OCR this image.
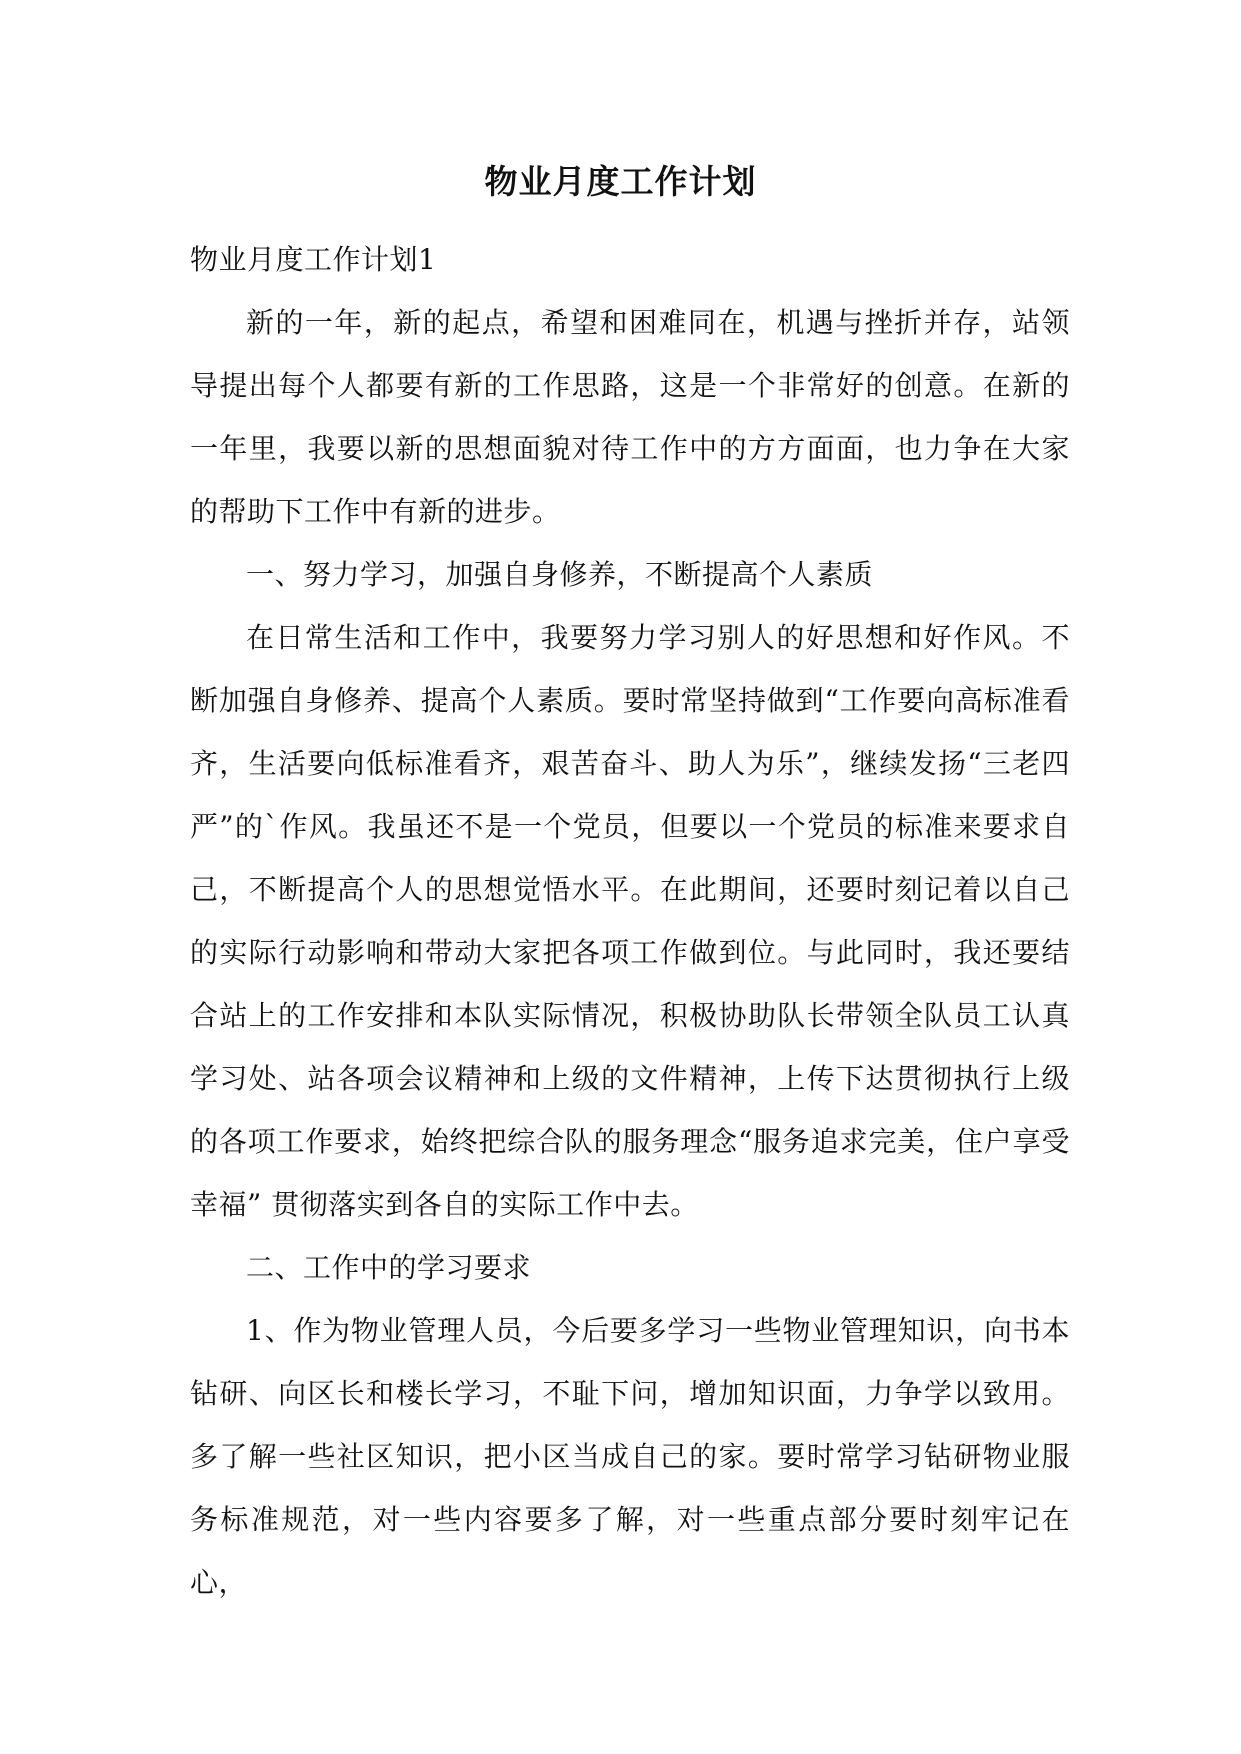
物业月度工作计划

物业月度工作计划1

新的一年，新的起点，希望和困难同在，机遇与挫折并存，站领导提出每个人都要有新的工作思路，这是一个非常好的创意。在新的一年里，我要以新的思想面貌对待工作中的方方面面，也力争在大家的帮助下工作中有新的进步。

一、努力学习，加强自身修养，不断提高个人素质

在日常生活和工作中，我要努力学习别人的好思想和好作风。不断加强自身修养、提高个人素质。要时常坚持做到“工作要向高标准看齐，生活要向低标准看齐，艰苦奋斗、助人为乐”，继续发扬“三老四严”的`作风。我虽还不是一个党员，但要以一个党员的标准来要求自己，不断提高个人的思想觉悟水平。在此期间，还要时刻记着以自己的实际行动影响和带动大家把各项工作做到位。与此同时，我还要结合站上的工作安排和本队实际情况，积极协助队长带领全队员工认真学习处、站各项会议精神和上级的文件精神，上传下达贯彻执行上级的各项工作要求，始终把综合队的服务理念“服务追求完美，住户享受幸福” 贯彻落实到各自的实际工作中去。

二、工作中的学习要求

1、作为物业管理人员，今后要多学习一些物业管理知识，向书本钻研、向区长和楼长学习，不耻下问，增加知识面，力争学以致用。多了解一些社区知识，把小区当成自己的家。要时常学习钻研物业服务标准规范，对一些内容要多了解，对一些重点部分要时刻牢记在心，
